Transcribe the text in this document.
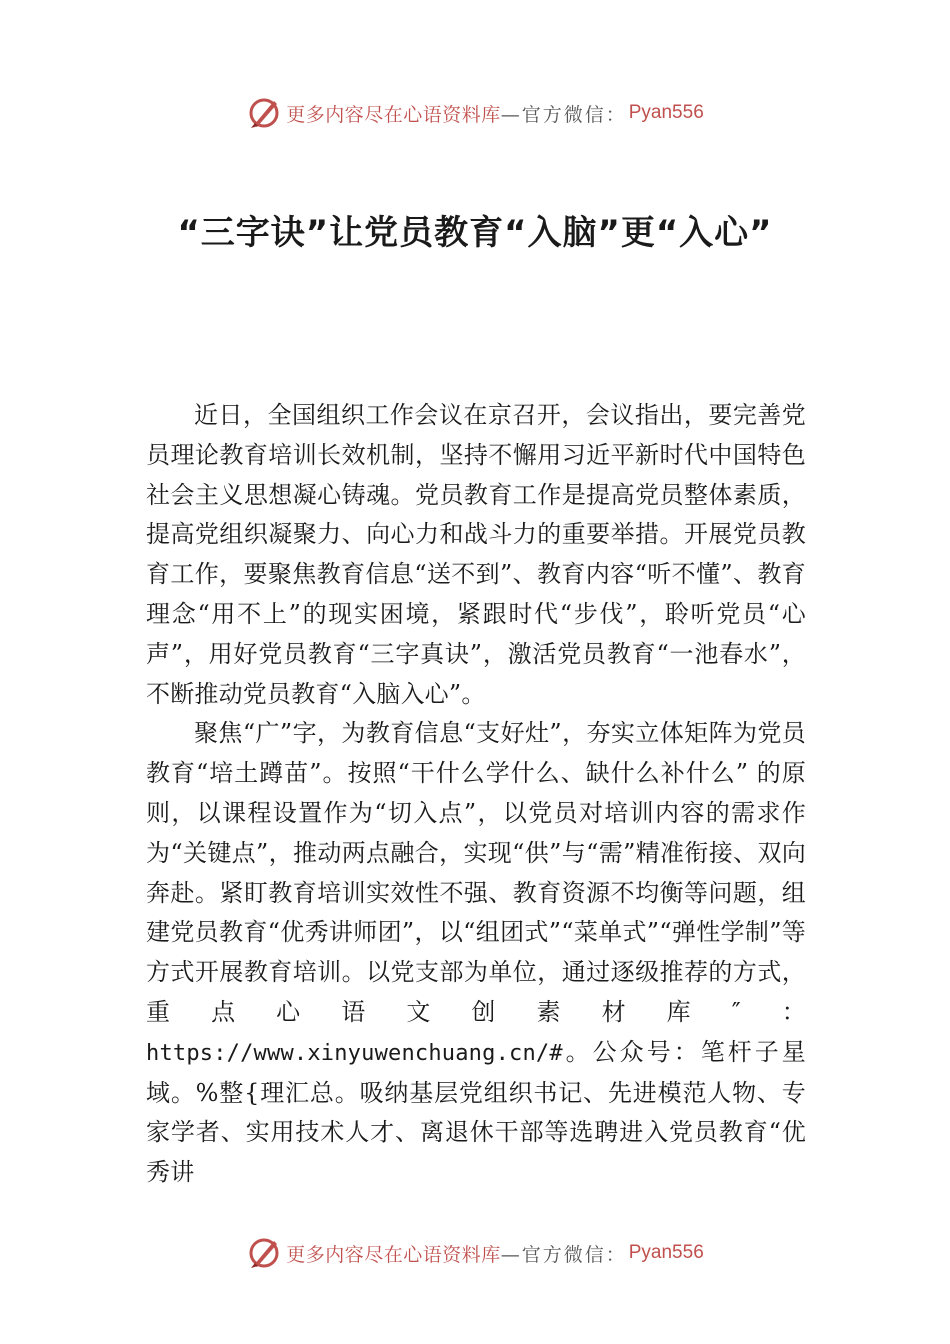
更多内容尽在心语资料库 —官方微信： Pyan556
“三字诀”让党员教育“入脑”更“入心”

近日，全国组织工作会议在京召开，会议指出，要完善党员理论教育培训长效机制，坚持不懈用习近平新时代中国特色社会主义思想凝心铸魂。党员教育工作是提高党员整体素质，提高党组织凝聚力、向心力和战斗力的重要举措。开展党员教育工作，要聚焦教育信息“送不到”、教育内容“听不懂”、教育理念“用不上”的现实困境，紧跟时代“步伐”，聆听党员“心声”，用好党员教育“三字真诀”，激活党员教育“一池春水”，不断推动党员教育“入脑入心”。

聚焦“广”字，为教育信息“支好灶”，夯实立体矩阵为党员教育“培土蹲苗”。按照“干什么学什么、缺什么补什么” 的原则，以课程设置作为“切入点”，以党员对培训内容的需求作为“关键点”，推动两点融合，实现“供”与“需”精准衔接、双向奔赴。紧盯教育培训实效性不强、教育资源不均衡等问题，组建党员教育“优秀讲师团”，以“组团式”“菜单式”“弹性学制”等方式开展教育培训。以党支部为单位，通过逐级推荐的方式，重点心语文创素材库″：https://www.xinyuwenchuang.cn/#。公众号：笔杆子星域。%整{理汇总。吸纳基层党组织书记、先进模范人物、专家学者、实用技术人才、离退休干部等选聘进入党员教育“优秀讲

更多内容尽在心语资料库 —官方微信： Pyan556
